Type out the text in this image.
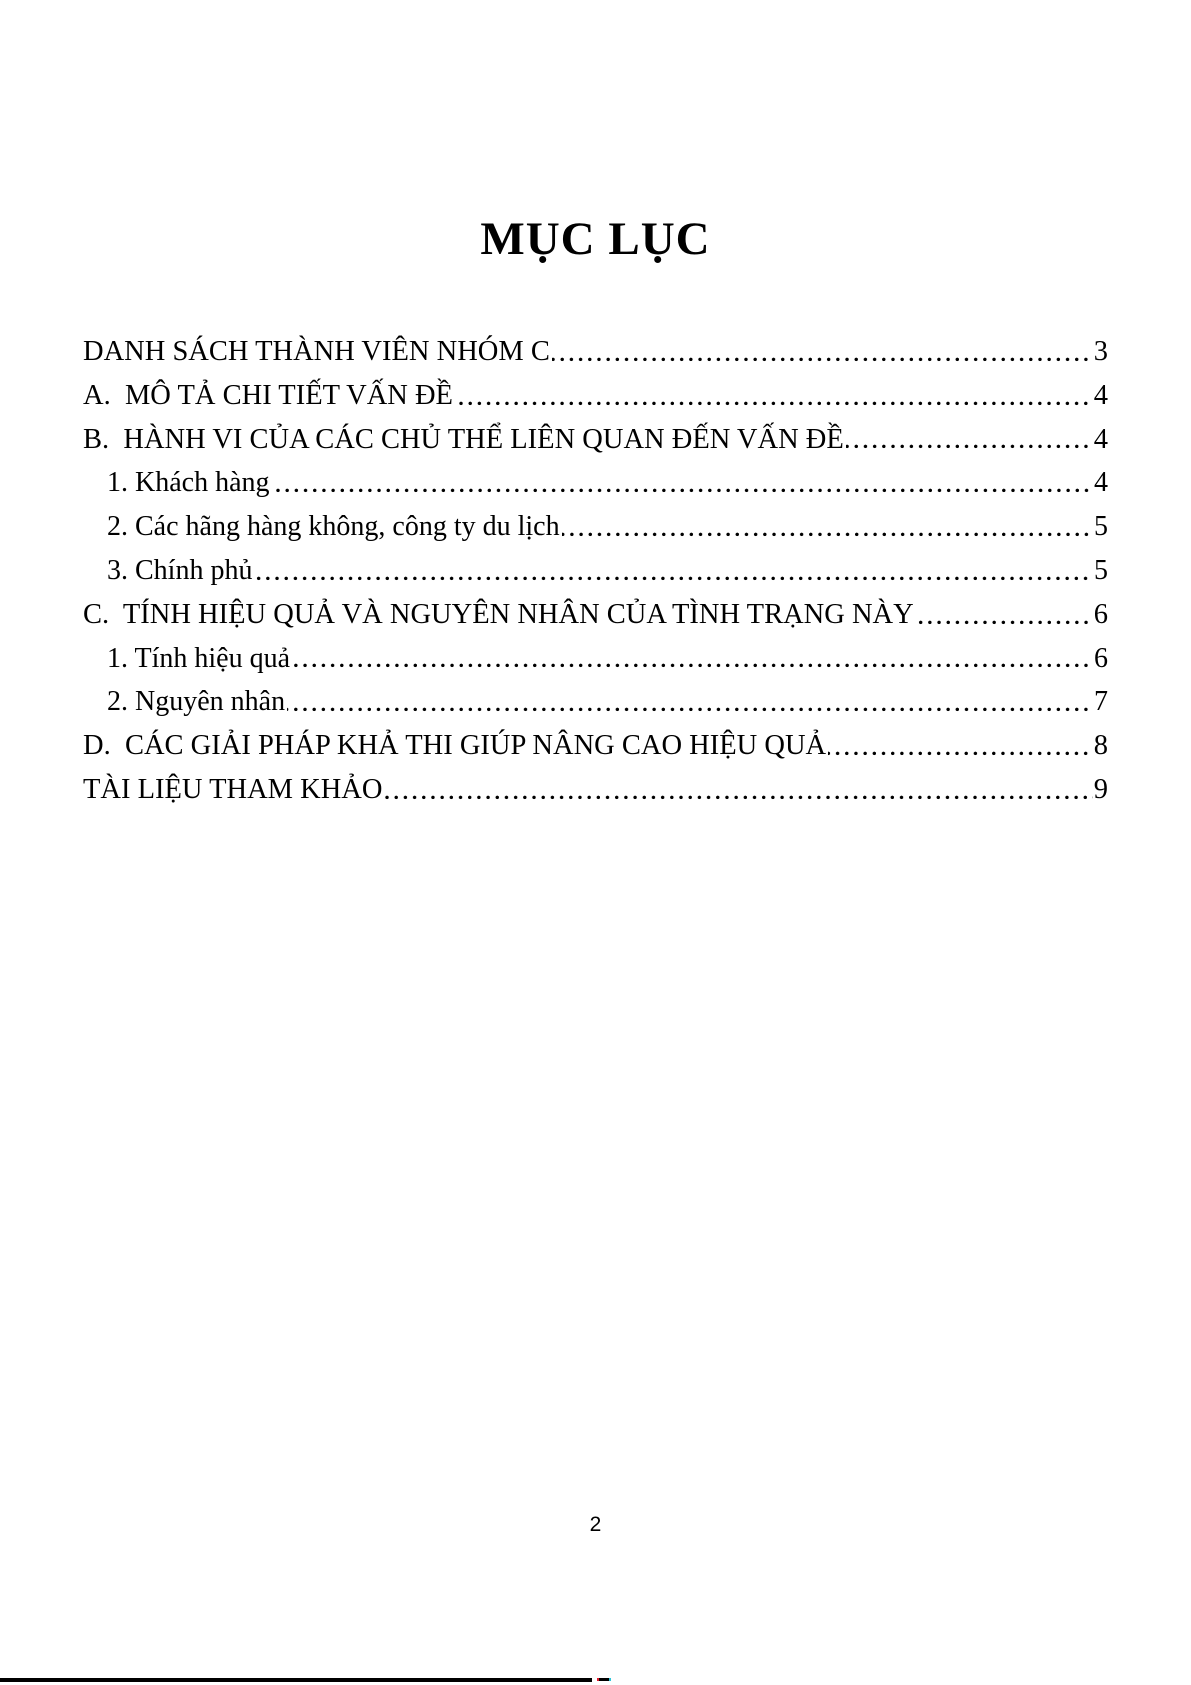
MỤC LỤC
DANH SÁCH THÀNH VIÊN NHÓM C	3
A.  MÔ TẢ CHI TIẾT VẤN ĐỀ	4
B.  HÀNH VI CỦA CÁC CHỦ THỂ LIÊN QUAN ĐẾN VẤN ĐỀ	4
1. Khách hàng	4
2. Các hãng hàng không, công ty du lịch	5
3. Chính phủ	5
C.  TÍNH HIỆU QUẢ VÀ NGUYÊN NHÂN CỦA TÌNH TRẠNG NÀY	6
1. Tính hiệu quả	6
2. Nguyên nhân	7
D.  CÁC GIẢI PHÁP KHẢ THI GIÚP NÂNG CAO HIỆU QUẢ	8
TÀI LIỆU THAM KHẢO	9
2
